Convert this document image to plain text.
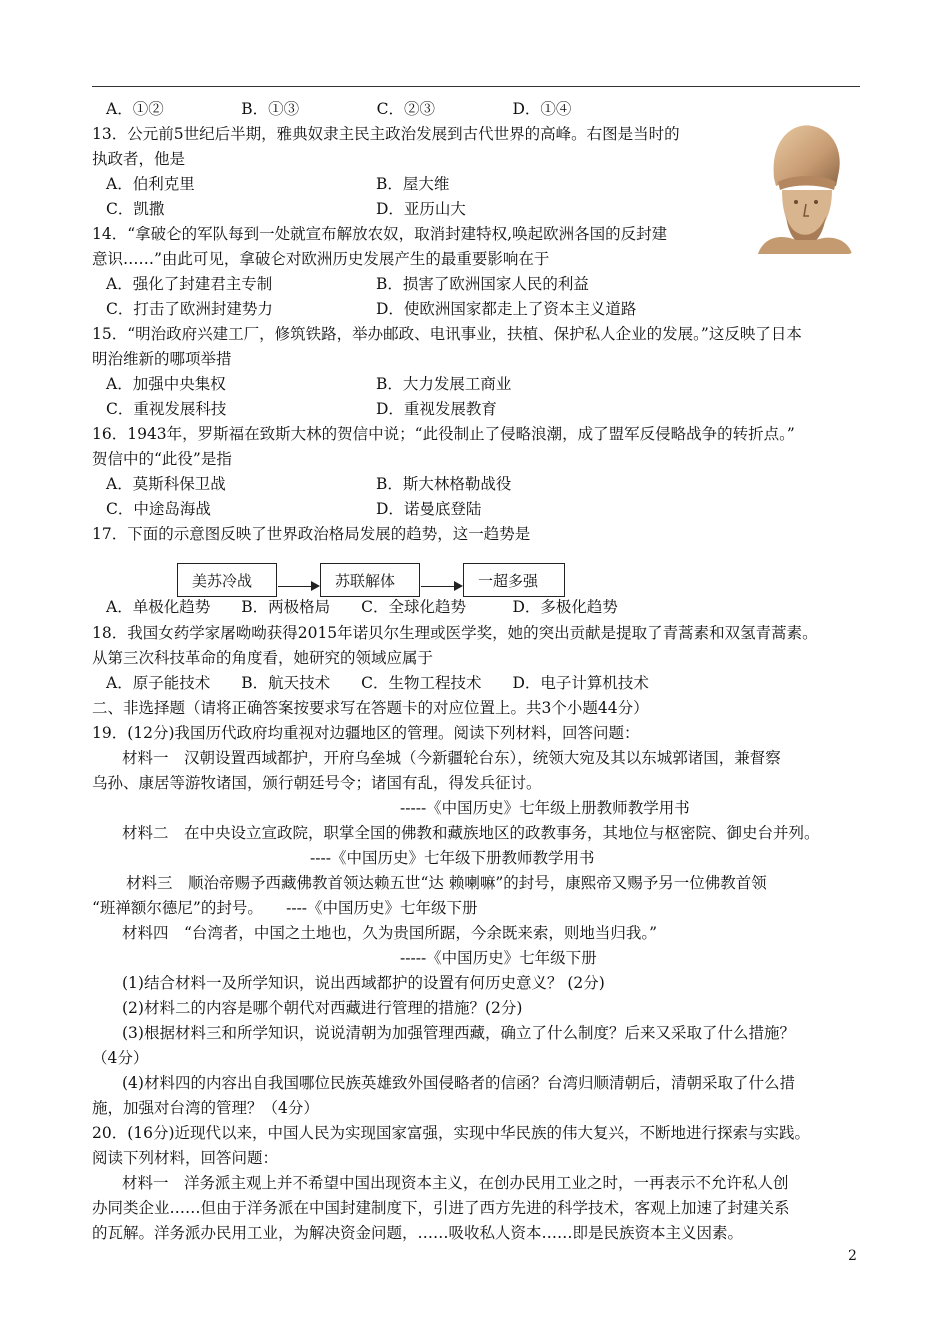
A．①②　　　　　B．①③　　　　　C．②③　　　　　D．①④
13．公元前5世纪后半期，雅典奴隶主民主政治发展到古代世界的高峰。右图是当时的
执政者，他是
A．伯利克里	B．屋大维
C．凯撒	D．亚历山大
14．“拿破仑的军队每到一处就宣布解放农奴，取消封建特权,唤起欧洲各国的反封建
意识……”由此可见，拿破仑对欧洲历史发展产生的最重要影响在于
A．强化了封建君主专制	B．损害了欧洲国家人民的利益
C．打击了欧洲封建势力	D．使欧洲国家都走上了资本主义道路
15．“明治政府兴建工厂，修筑铁路，举办邮政、电讯事业，扶植、保护私人企业的发展。”这反映了日本
明治维新的哪项举措
A．加强中央集权	B．大力发展工商业
C．重视发展科技	D．重视发展教育
16．1943年，罗斯福在致斯大林的贺信中说；“此役制止了侵略浪潮，成了盟军反侵略战争的转折点。”
贺信中的“此役”是指
A．莫斯科保卫战	B．斯大林格勒战役
C．中途岛海战	D．诺曼底登陆
17．下面的示意图反映了世界政治格局发展的趋势，这一趋势是
美苏冷战	苏联解体	一超多强
A．单极化趋势　　B．两极格局　　C．全球化趋势　　　D．多极化趋势
18．我国女药学家屠呦呦获得2015年诺贝尔生理或医学奖，她的突出贡献是提取了青蒿素和双氢青蒿素。
从第三次科技革命的角度看，她研究的领域应属于
A．原子能技术　　B．航天技术　　C．生物工程技术　　D．电子计算机技术
二、非选择题（请将正确答案按要求写在答题卡的对应位置上。共3个小题44分）
19．(12分)我国历代政府均重视对边疆地区的管理。阅读下列材料，回答问题：
材料一　汉朝设置西域都护，开府乌垒城（今新疆轮台东），统领大宛及其以东城郭诸国，兼督察
乌孙、康居等游牧诸国，颁行朝廷号令；诸国有乱，得发兵征讨。
-----《中国历史》七年级上册教师教学用书
材料二　在中央设立宣政院，职掌全国的佛教和藏族地区的政教事务，其地位与枢密院、御史台并列。
----《中国历史》七年级下册教师教学用书
材料三　顺治帝赐予西藏佛教首领达赖五世“达 赖喇嘛”的封号，康熙帝又赐予另一位佛教首领
“班禅额尔德尼”的封号。　　----《中国历史》七年级下册
材料四　“台湾者，中国之土地也，久为贵国所踞，今余既来索，则地当归我。”
-----《中国历史》七年级下册
(1)结合材料一及所学知识，说出西域都护的设置有何历史意义？ (2分)
(2)材料二的内容是哪个朝代对西藏进行管理的措施？(2分)
(3)根据材料三和所学知识，说说清朝为加强管理西藏，确立了什么制度？后来又采取了什么措施？
（4分）
(4)材料四的内容出自我国哪位民族英雄致外国侵略者的信函？台湾归顺清朝后，清朝采取了什么措
施，加强对台湾的管理？（4分）
20．(16分)近现代以来，中国人民为实现国家富强，实现中华民族的伟大复兴，不断地进行探索与实践。
阅读下列材料，回答问题：
材料一　洋务派主观上并不希望中国出现资本主义，在创办民用工业之时，一再表示不允许私人创
办同类企业……但由于洋务派在中国封建制度下，引进了西方先进的科学技术，客观上加速了封建关系
的瓦解。洋务派办民用工业，为解决资金问题，……吸收私人资本……即是民族资本主义因素。
2
